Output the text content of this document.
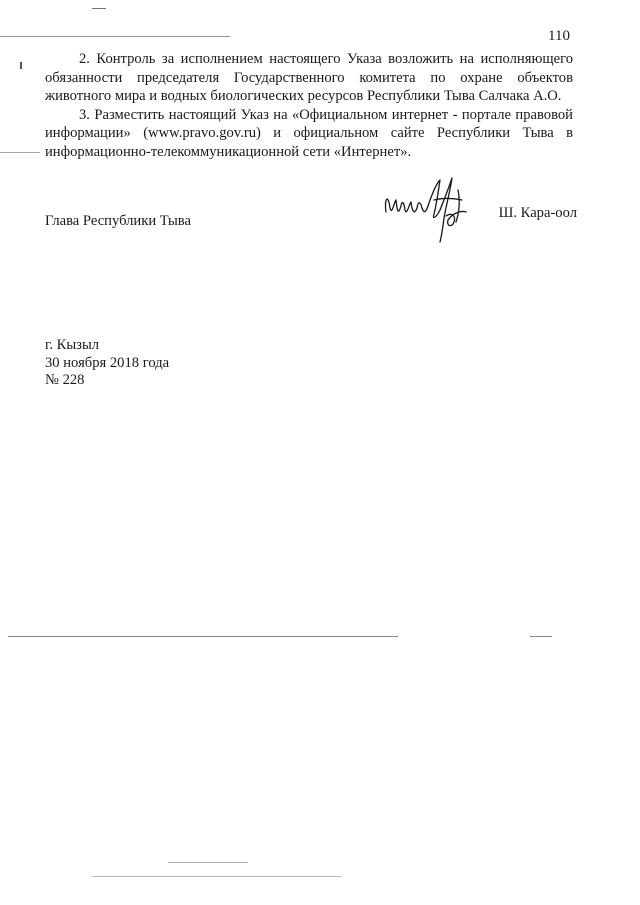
110

2. Контроль за исполнением настоящего Указа возложить на исполняющего обязанности председателя Государственного комитета по охране объектов животного мира и водных биологических ресурсов Республики Тыва Салчака А.О.

3. Разместить настоящий Указ на «Официальном интернет - портале правовой информации» (www.pravo.gov.ru) и официальном сайте Республики Тыва в информационно-телекоммуникационной сети «Интернет».

Глава Республики Тыва	Ш. Кара-оол
г. Кызыл
30 ноября 2018 года
№ 228
